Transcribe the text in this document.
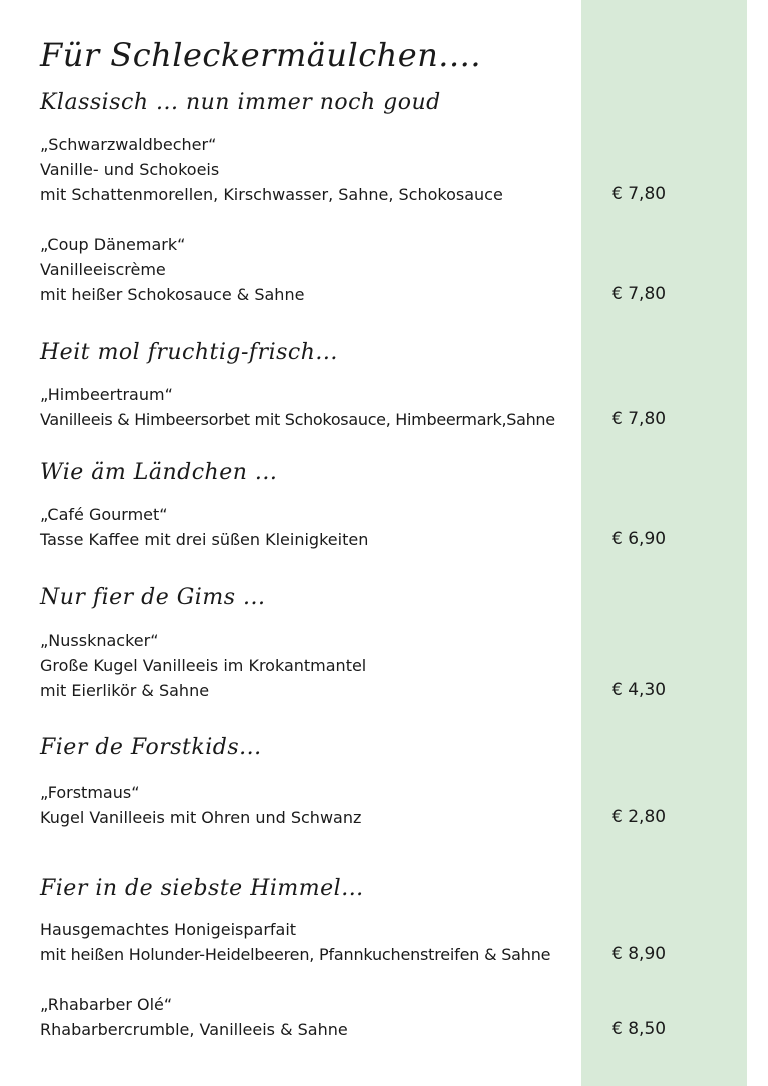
Für Schleckermäulchen....
Klassisch ... nun immer noch goud
„Schwarzwaldbecher“
Vanille- und Schokoeis
mit Schattenmorellen, Kirschwasser, Sahne, Schokosauce	€ 7,80
„Coup Dänemark“
Vanilleeiscrème
mit heißer Schokosauce & Sahne	€ 7,80
Heit mol fruchtig-frisch...
„Himbeertraum“
Vanilleeis & Himbeersorbet mit Schokosauce, Himbeermark,Sahne	€ 7,80
Wie äm Ländchen ...
„Café Gourmet“
Tasse Kaffee mit drei süßen Kleinigkeiten	€ 6,90
Nur fier de Gims ...
„Nussknacker“
Große Kugel Vanilleeis im Krokantmantel
mit Eierlikör & Sahne	€ 4,30
Fier de Forstkids...
„Forstmaus“
Kugel Vanilleeis mit Ohren und Schwanz	€ 2,80
Fier in de siebste Himmel...
Hausgemachtes Honigeisparfait
mit heißen Holunder-Heidelbeeren, Pfannkuchenstreifen & Sahne	€ 8,90
„Rhabarber Olé“
Rhabarbercrumble, Vanilleeis & Sahne	€ 8,50
